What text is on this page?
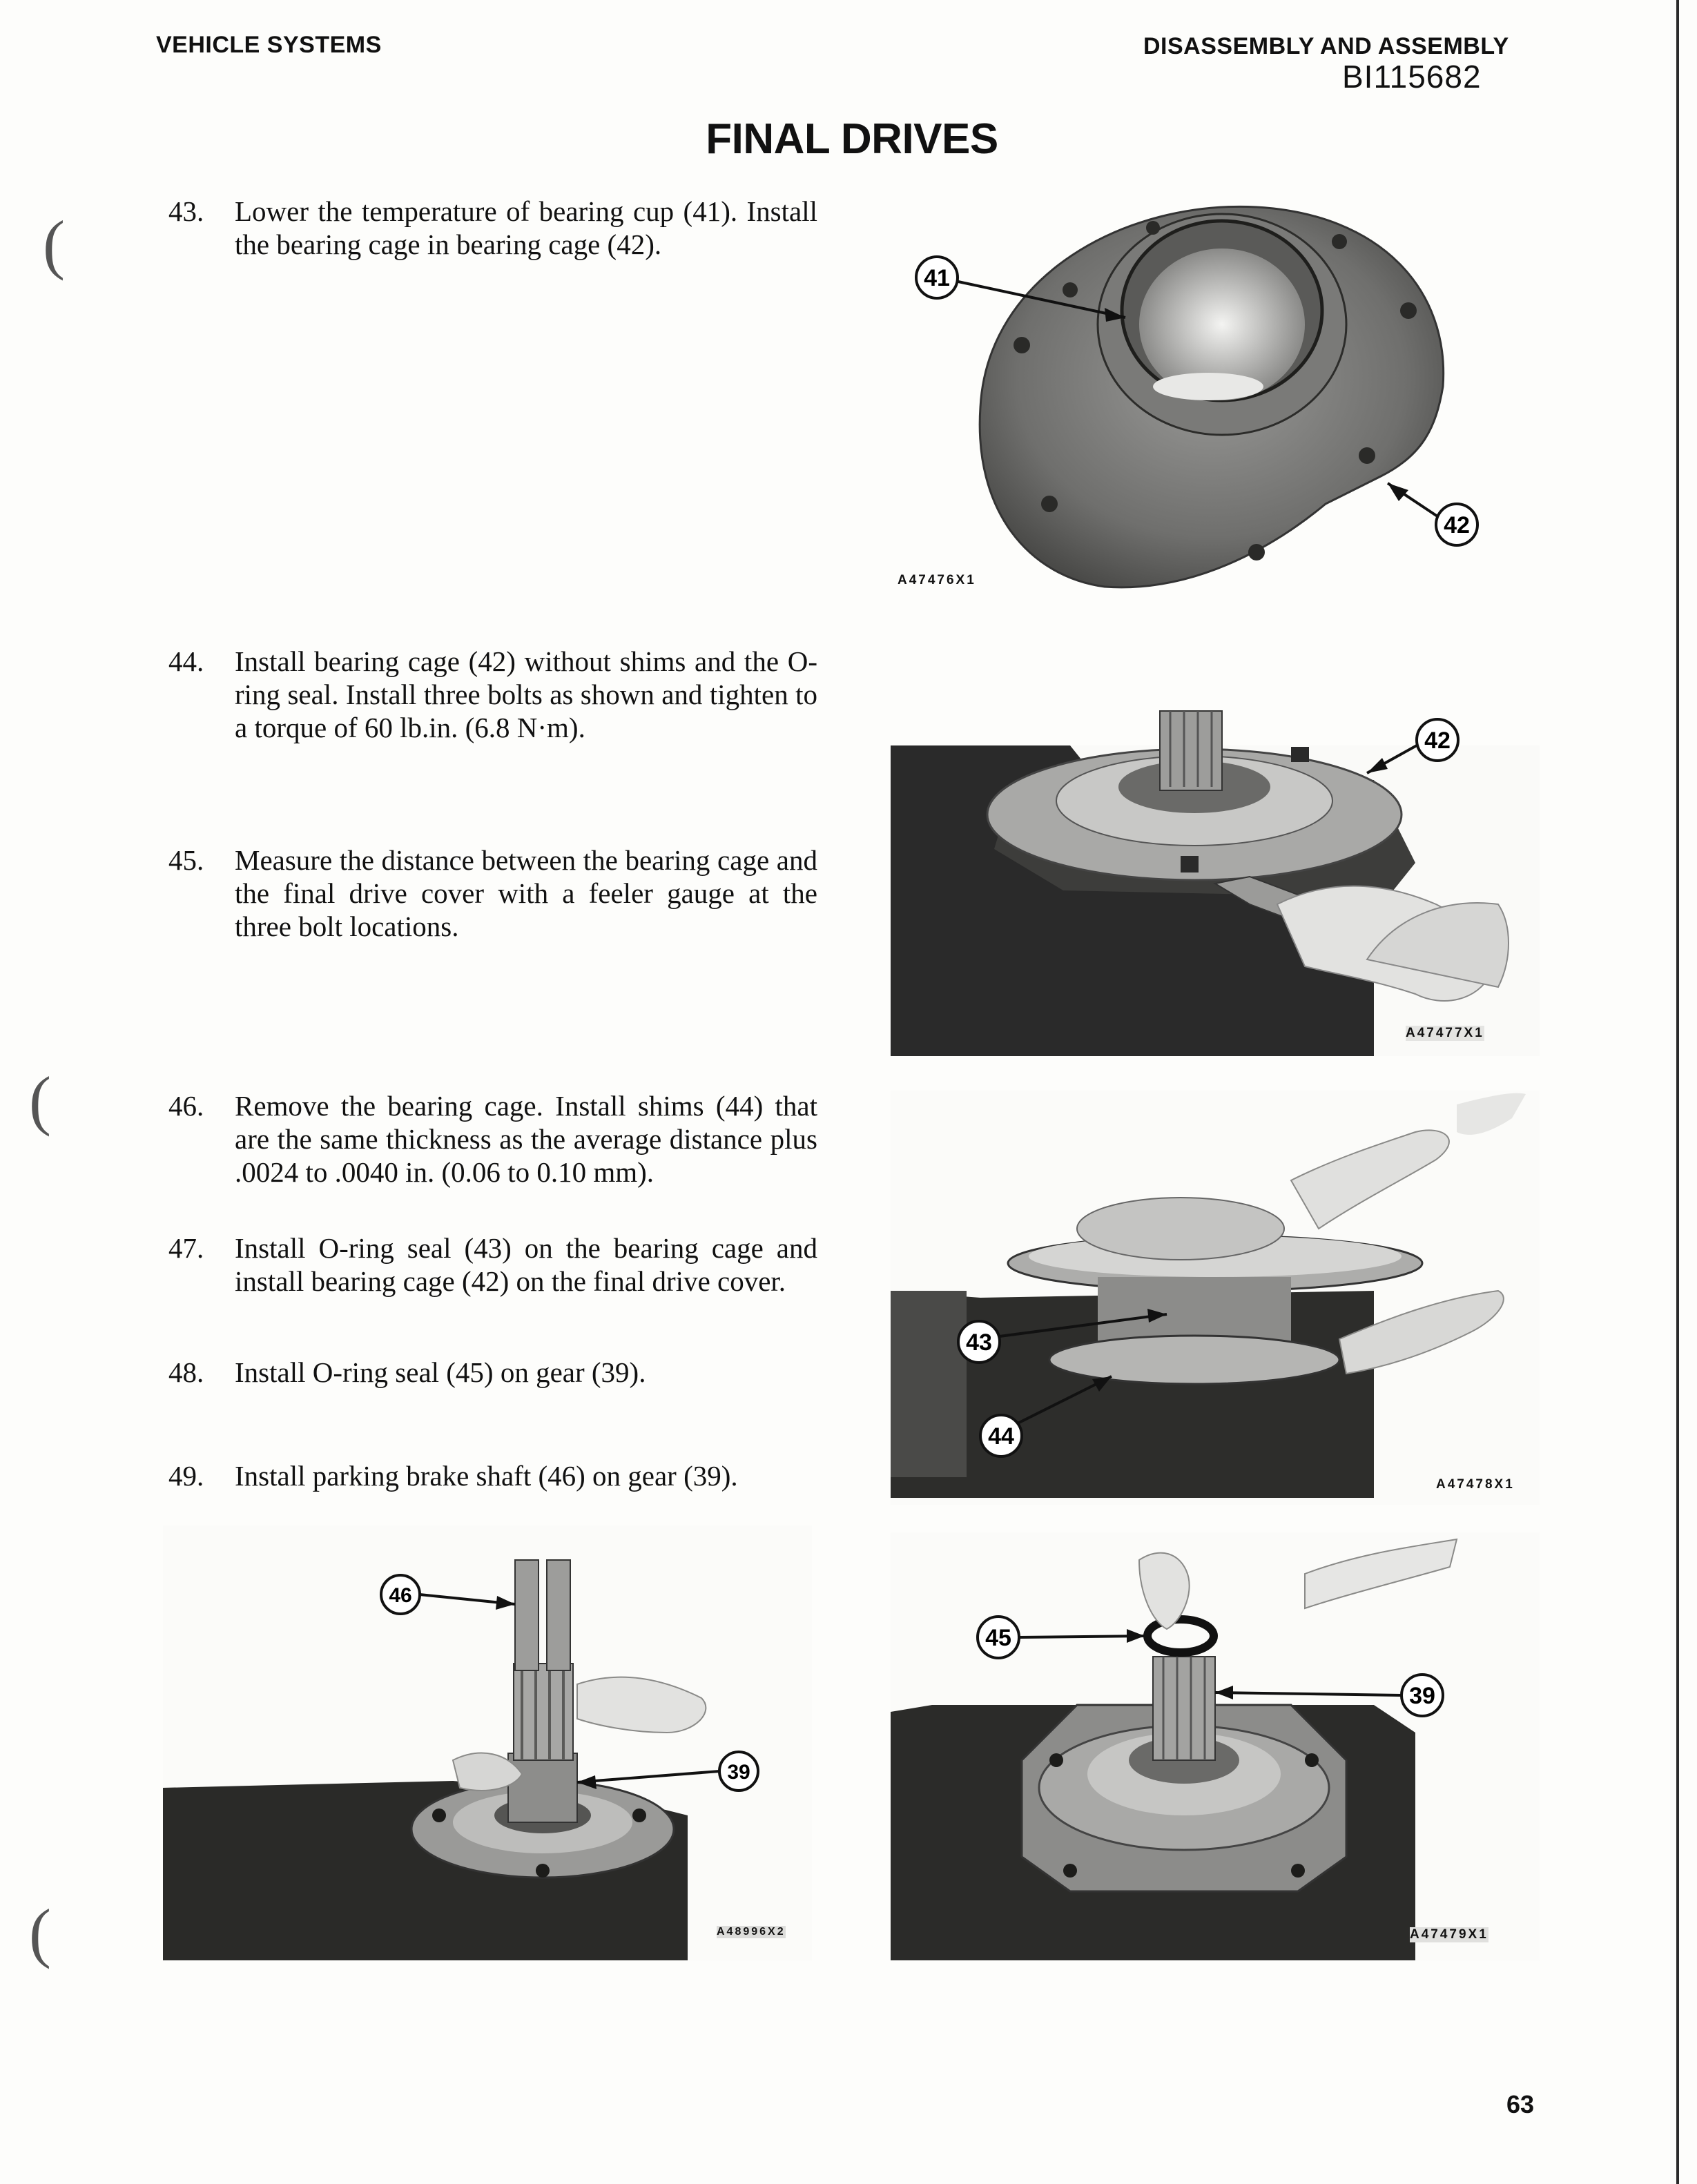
VEHICLE SYSTEMS	DISASSEMBLY AND ASSEMBLY
BI115682
FINAL DRIVES
(
(
(
43.	Lower the temperature of bearing cup (41). Install the bearing cage in bearing cage (42).
44.	Install bearing cage (42) without shims and the O-ring seal. Install three bolts as shown and tighten to a torque of 60 lb.in. (6.8 N·m).
45.	Measure the distance between the bearing cage and the final drive cover with a feeler gauge at the three bolt locations.
46.	Remove the bearing cage. Install shims (44) that are the same thickness as the average distance plus .0024 to .0040 in. (0.06 to 0.10 mm).
47.	Install O-ring seal (43) on the bearing cage and install bearing cage (42) on the final drive cover.
48.	Install O-ring seal (45) on gear (39).
49.	Install parking brake shaft (46) on gear (39).
41
42
A47476X1
42
A47477X1
43
44
A47478X1
46
39
A48996X2
45
39
A47479X1
63
